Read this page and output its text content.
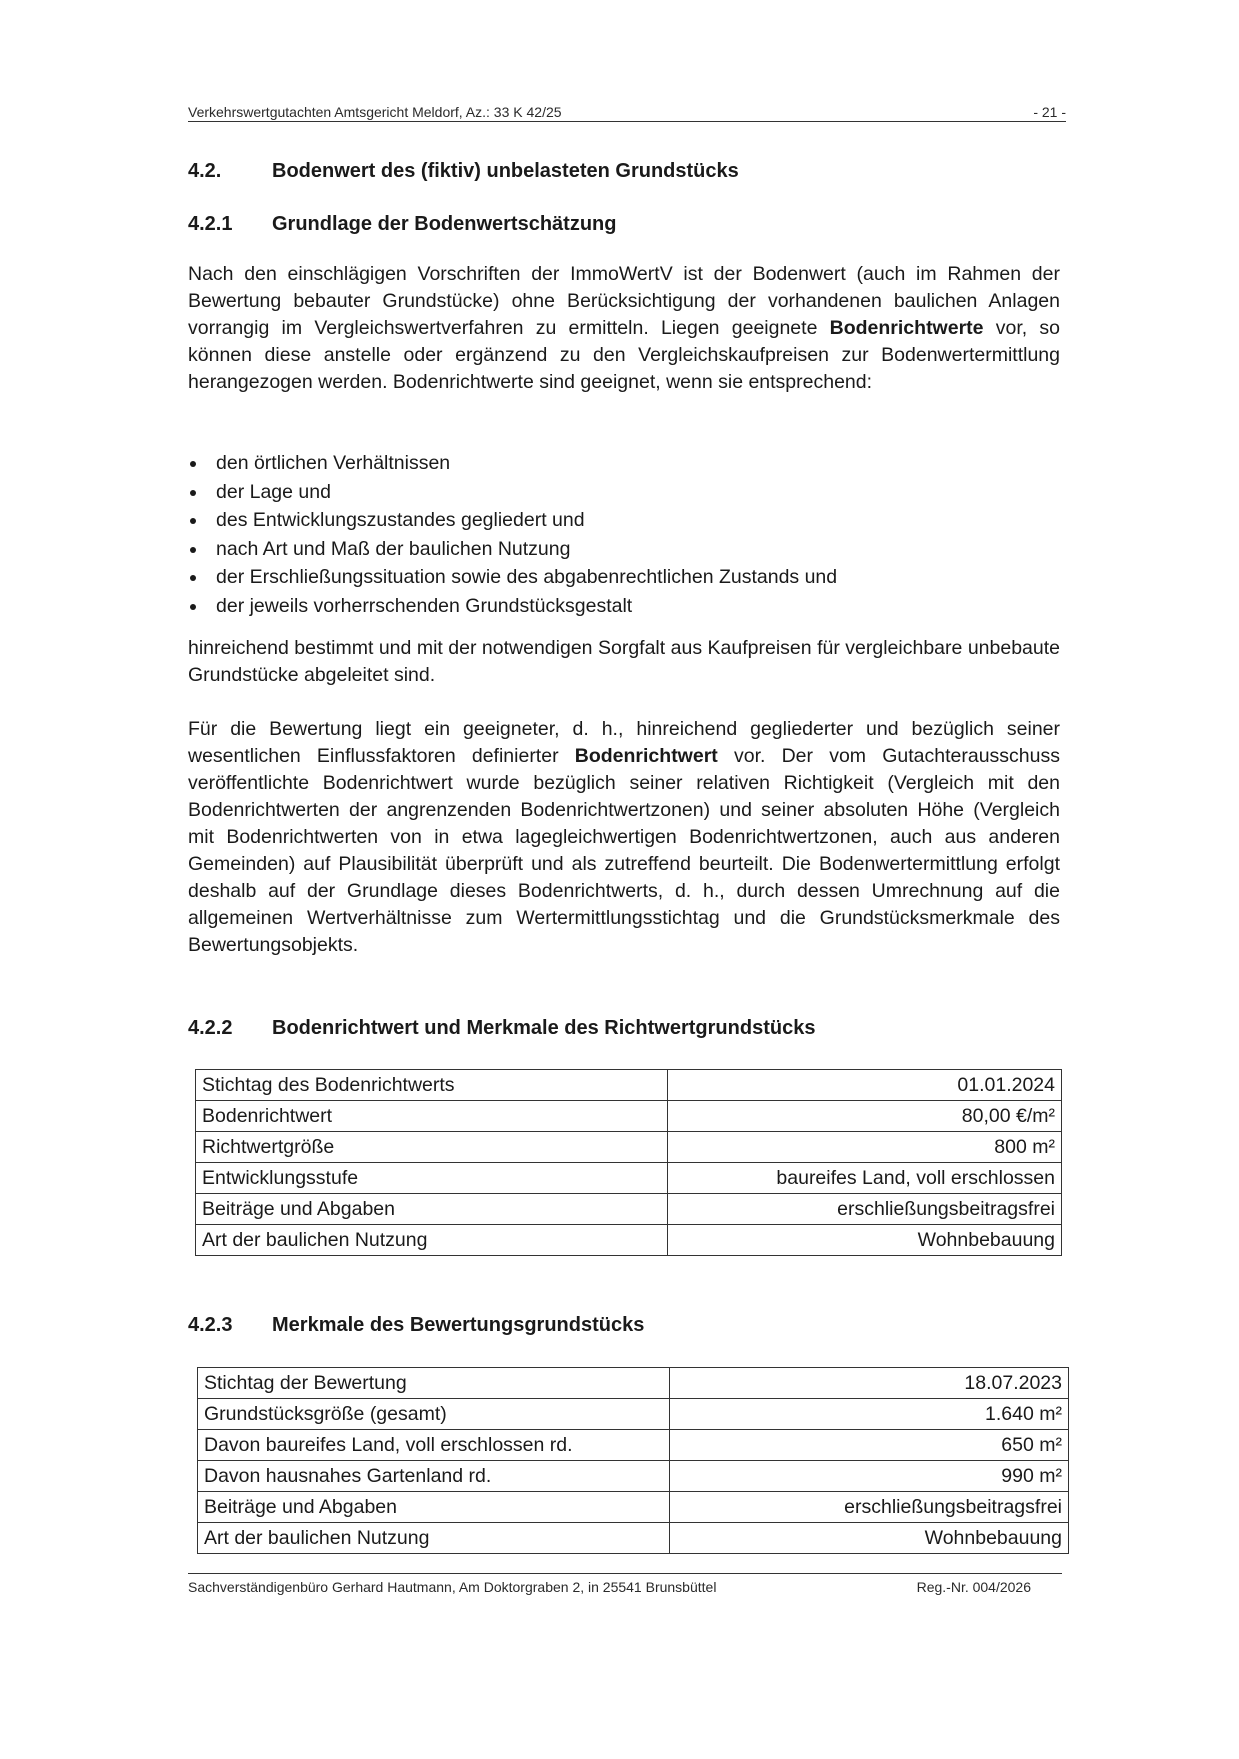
Verkehrswertgutachten Amtsgericht Meldorf, Az.: 33 K 42/25	- 21 -
4.2.	Bodenwert des (fiktiv) unbelasteten Grundstücks
4.2.1 Grundlage der Bodenwertschätzung

Nach den einschlägigen Vorschriften der ImmoWertV ist der Bodenwert (auch im Rahmen der Bewertung bebauter Grundstücke) ohne Berücksichtigung der vorhandenen baulichen Anlagen vorrangig im Vergleichswertverfahren zu ermitteln. Liegen geeignete Bodenrichtwerte vor, so können diese anstelle oder ergänzend zu den Vergleichskaufpreisen zur Bodenwertermittlung herangezogen werden. Bodenrichtwerte sind geeignet, wenn sie entsprechend:

den örtlichen Verhältnissen
der Lage und
des Entwicklungszustandes gegliedert und
nach Art und Maß der baulichen Nutzung
der Erschließungssituation sowie des abgabenrechtlichen Zustands und
der jeweils vorherrschenden Grundstücksgestalt

hinreichend bestimmt und mit der notwendigen Sorgfalt aus Kaufpreisen für vergleichbare unbebaute Grundstücke abgeleitet sind.

Für die Bewertung liegt ein geeigneter, d. h., hinreichend gegliederter und bezüglich seiner wesentlichen Einflussfaktoren definierter Bodenrichtwert vor. Der vom Gutachterausschuss veröffentlichte Bodenrichtwert wurde bezüglich seiner relativen Richtigkeit (Vergleich mit den Bodenrichtwerten der angrenzenden Bodenrichtwertzonen) und seiner absoluten Höhe (Vergleich mit Bodenrichtwerten von in etwa lagegleichwertigen Bodenrichtwertzonen, auch aus anderen Gemeinden) auf Plausibilität überprüft und als zutreffend beurteilt. Die Bodenwertermittlung erfolgt deshalb auf der Grundlage dieses Bodenrichtwerts, d. h., durch dessen Umrechnung auf die allgemeinen Wertverhältnisse zum Wertermittlungsstichtag und die Grundstücksmerkmale des Bewertungsobjekts.

4.2.2 Bodenrichtwert und Merkmale des Richtwertgrundstücks
Stichtag des Bodenrichtwerts	01.01.2024
Bodenrichtwert	80,00 €/m²
Richtwertgröße	800 m²
Entwicklungsstufe	baureifes Land, voll erschlossen
Beiträge und Abgaben	erschließungsbeitragsfrei
Art der baulichen Nutzung	Wohnbebauung
4.2.3 Merkmale des Bewertungsgrundstücks
Stichtag der Bewertung	18.07.2023
Grundstücksgröße (gesamt)	1.640 m²
Davon baureifes Land, voll erschlossen rd.	650 m²
Davon hausnahes Gartenland rd.	990 m²
Beiträge und Abgaben	erschließungsbeitragsfrei
Art der baulichen Nutzung	Wohnbebauung
Sachverständigenbüro Gerhard Hautmann, Am Doktorgraben 2, in 25541 Brunsbüttel	Reg.-Nr. 004/2026
